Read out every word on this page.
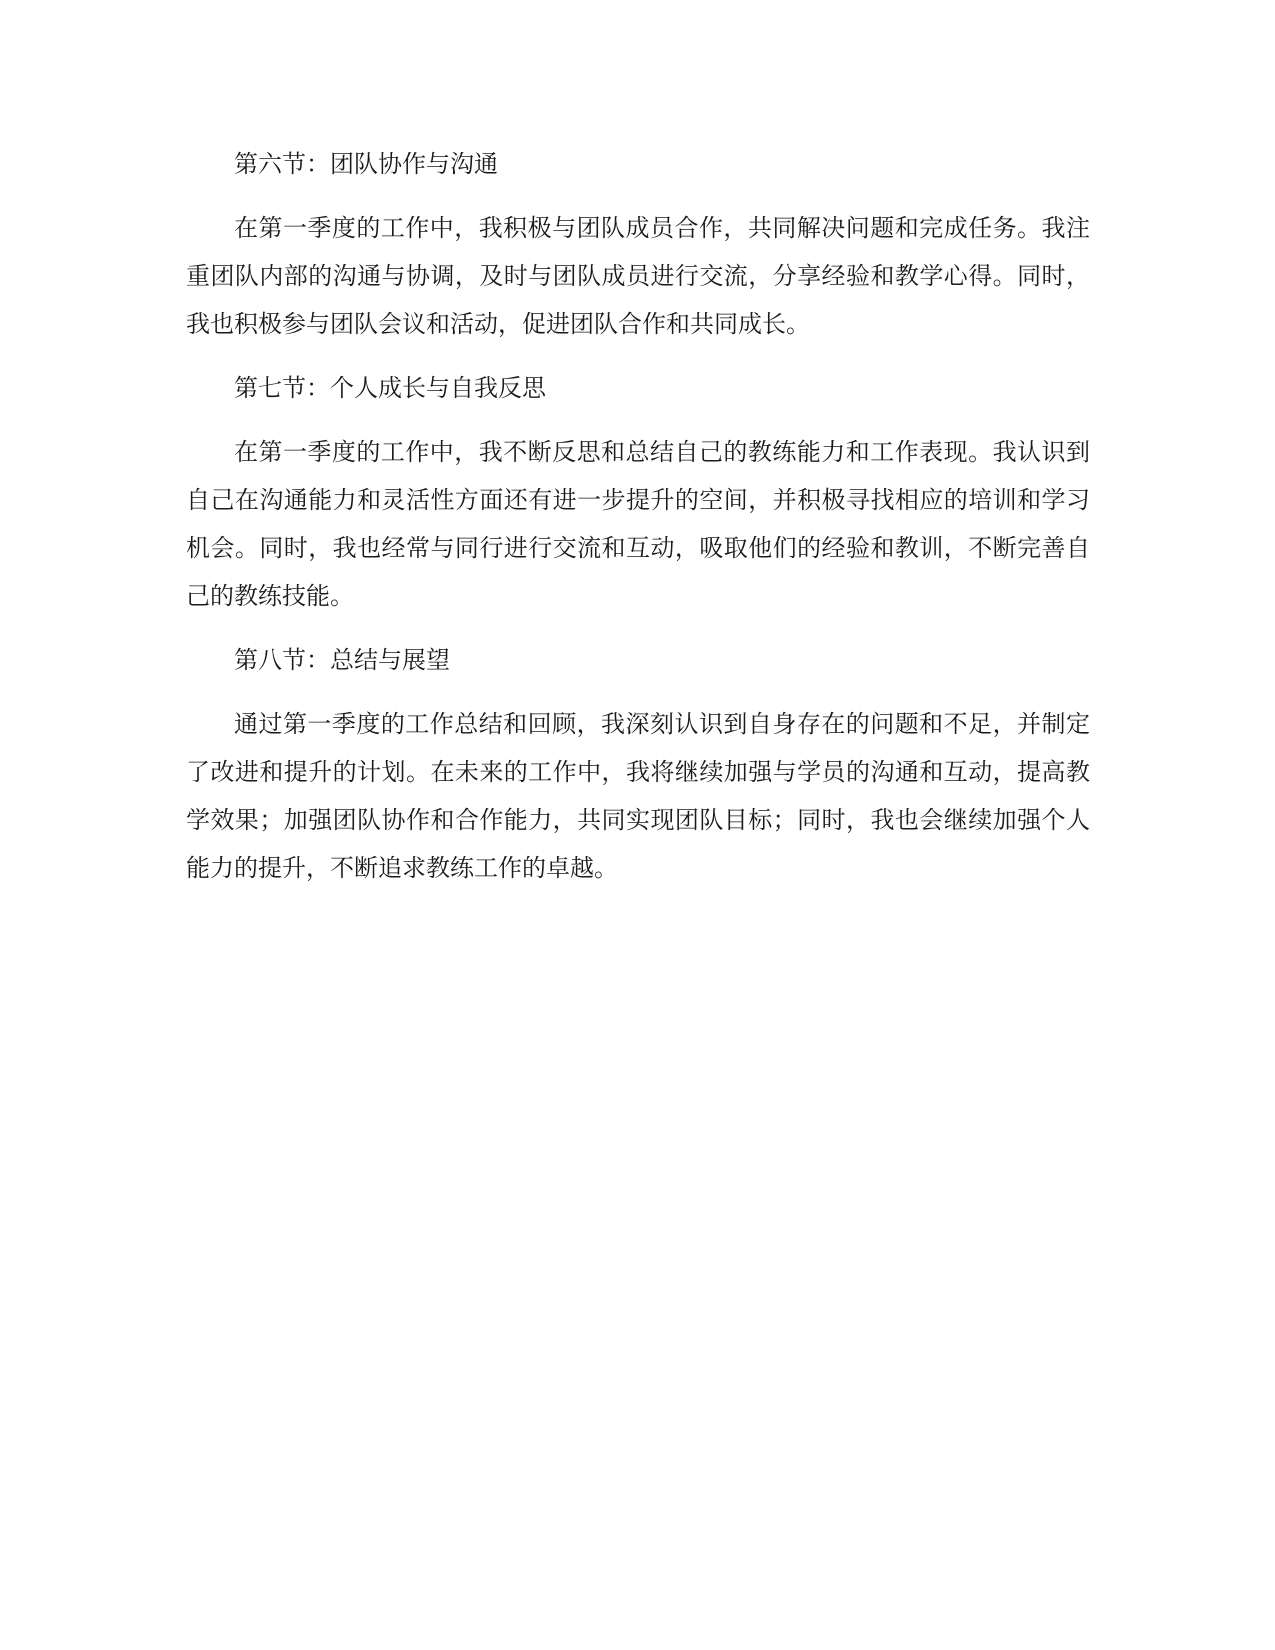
第六节：团队协作与沟通

在第一季度的工作中，我积极与团队成员合作，共同解决问题和完成任务。我注重团队内部的沟通与协调，及时与团队成员进行交流，分享经验和教学心得。同时，我也积极参与团队会议和活动，促进团队合作和共同成长。

第七节：个人成长与自我反思

在第一季度的工作中，我不断反思和总结自己的教练能力和工作表现。我认识到自己在沟通能力和灵活性方面还有进一步提升的空间，并积极寻找相应的培训和学习机会。同时，我也经常与同行进行交流和互动，吸取他们的经验和教训，不断完善自己的教练技能。

第八节：总结与展望

通过第一季度的工作总结和回顾，我深刻认识到自身存在的问题和不足，并制定了改进和提升的计划。在未来的工作中，我将继续加强与学员的沟通和互动，提高教学效果；加强团队协作和合作能力，共同实现团队目标；同时，我也会继续加强个人能力的提升，不断追求教练工作的卓越。
